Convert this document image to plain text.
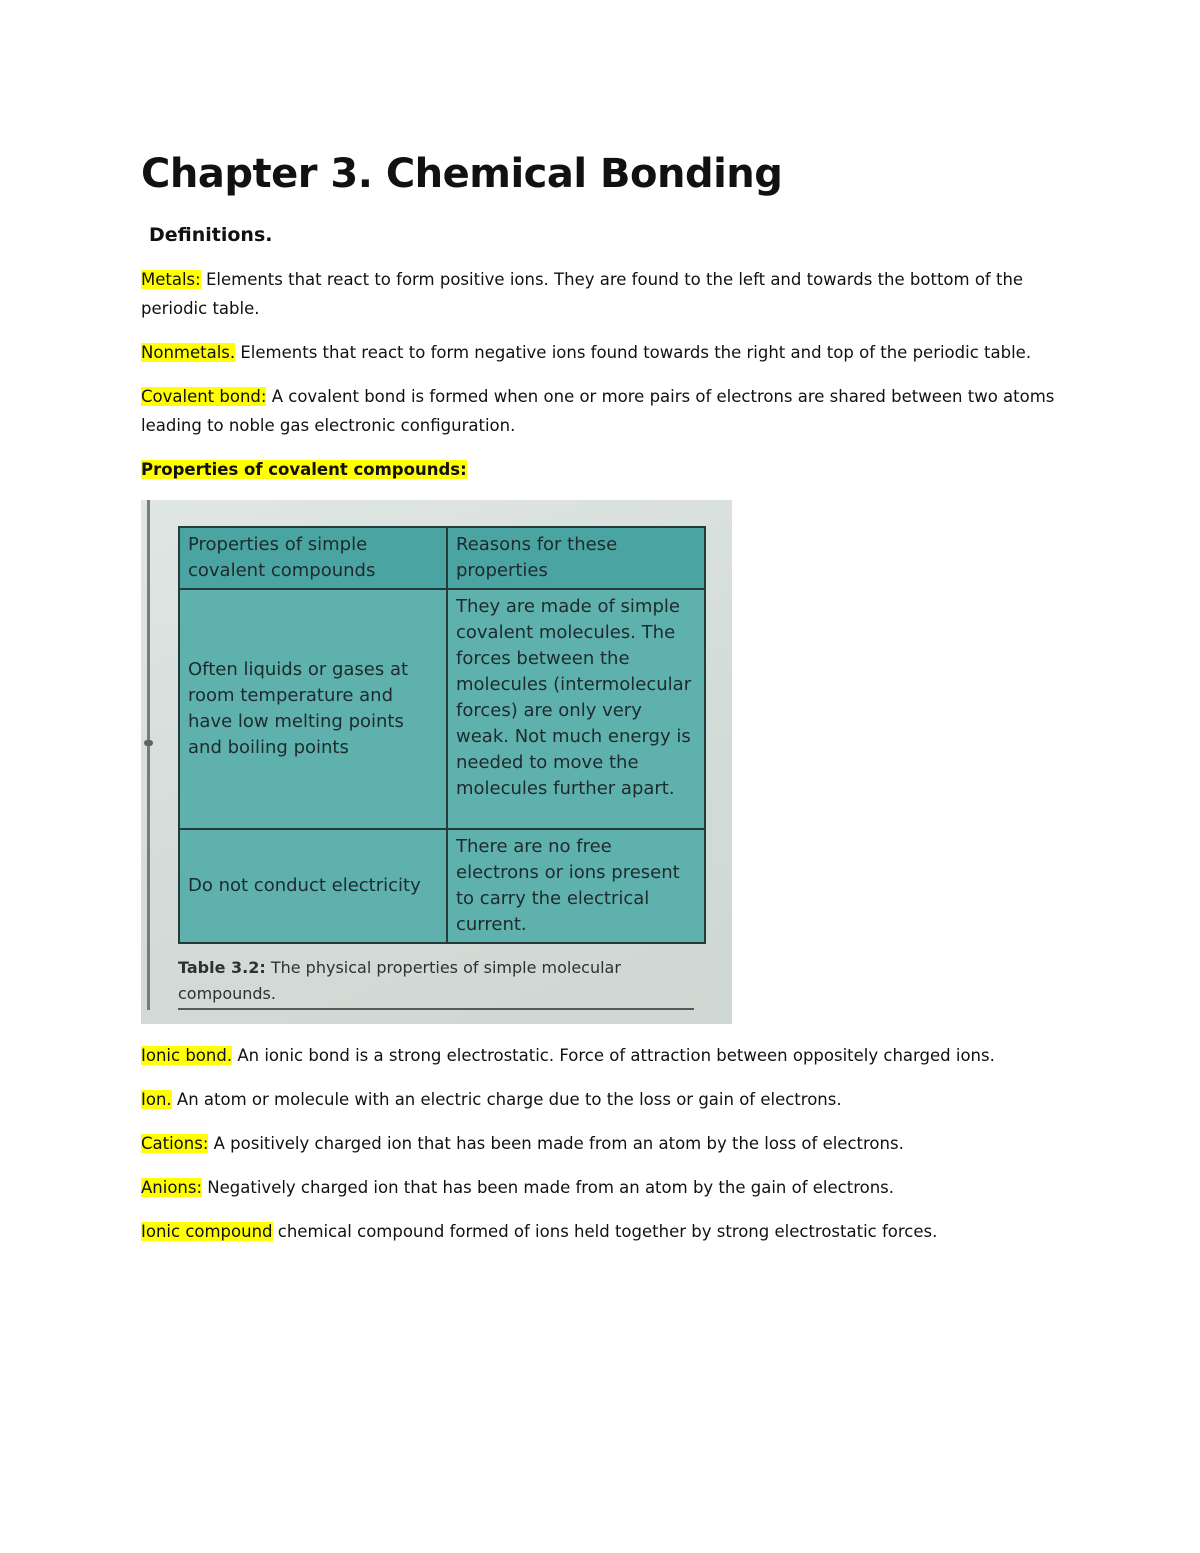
Chapter 3. Chemical Bonding
Definitions.

Metals: Elements that react to form positive ions. They are found to the left and towards the bottom of the periodic table.

Nonmetals. Elements that react to form negative ions found towards the right and top of the periodic table.

Covalent bond: A covalent bond is formed when one or more pairs of electrons are shared between two atoms leading to noble gas electronic configuration.

Properties of covalent compounds:

Properties of simple covalent compounds	Reasons for these properties
Often liquids or gases at room temperature and have low melting points and boiling points	They are made of simple covalent molecules. The forces between the molecules (intermolecular forces) are only very weak. Not much energy is needed to move the molecules further apart.
Do not conduct electricity	There are no free electrons or ions present to carry the electrical current.
Table 3.2: The physical properties of simple molecular compounds.

Ionic bond. An ionic bond is a strong electrostatic. Force of attraction between oppositely charged ions.

Ion. An atom or molecule with an electric charge due to the loss or gain of electrons.

Cations: A positively charged ion that has been made from an atom by the loss of electrons.

Anions: Negatively charged ion that has been made from an atom by the gain of electrons.

Ionic compound chemical compound formed of ions held together by strong electrostatic forces.
